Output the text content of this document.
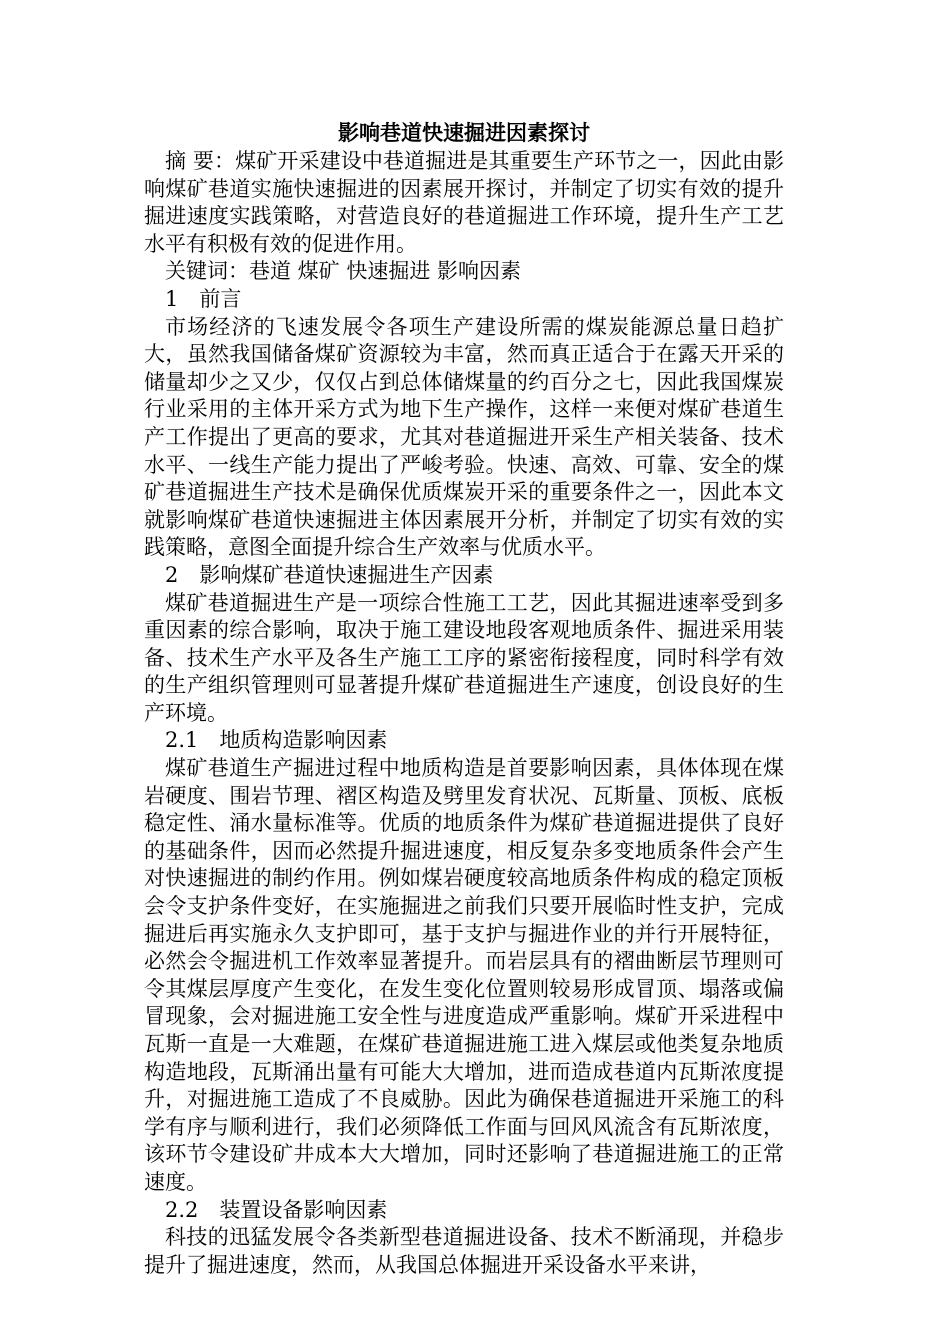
影响巷道快速掘进因素探讨

摘 要：煤矿开采建设中巷道掘进是其重要生产环节之一，因此由影响煤矿巷道实施快速掘进的因素展开探讨，并制定了切实有效的提升掘进速度实践策略，对营造良好的巷道掘进工作环境，提升生产工艺水平有积极有效的促进作用。

关键词：巷道 煤矿 快速掘进 影响因素

1　前言

市场经济的飞速发展令各项生产建设所需的煤炭能源总量日趋扩大，虽然我国储备煤矿资源较为丰富，然而真正适合于在露天开采的储量却少之又少，仅仅占到总体储煤量的约百分之七，因此我国煤炭行业采用的主体开采方式为地下生产操作，这样一来便对煤矿巷道生产工作提出了更高的要求，尤其对巷道掘进开采生产相关装备、技术水平、一线生产能力提出了严峻考验。快速、高效、可靠、安全的煤矿巷道掘进生产技术是确保优质煤炭开采的重要条件之一，因此本文就影响煤矿巷道快速掘进主体因素展开分析，并制定了切实有效的实践策略，意图全面提升综合生产效率与优质水平。

2　影响煤矿巷道快速掘进生产因素

煤矿巷道掘进生产是一项综合性施工工艺，因此其掘进速率受到多重因素的综合影响，取决于施工建设地段客观地质条件、掘进采用装备、技术生产水平及各生产施工工序的紧密衔接程度，同时科学有效的生产组织管理则可显著提升煤矿巷道掘进生产速度，创设良好的生产环境。

2.1　地质构造影响因素

煤矿巷道生产掘进过程中地质构造是首要影响因素，具体体现在煤岩硬度、围岩节理、褶区构造及劈里发育状况、瓦斯量、顶板、底板稳定性、涌水量标准等。优质的地质条件为煤矿巷道掘进提供了良好的基础条件，因而必然提升掘进速度，相反复杂多变地质条件会产生对快速掘进的制约作用。例如煤岩硬度较高地质条件构成的稳定顶板会令支护条件变好，在实施掘进之前我们只要开展临时性支护，完成掘进后再实施永久支护即可，基于支护与掘进作业的并行开展特征，必然会令掘进机工作效率显著提升。而岩层具有的褶曲断层节理则可令其煤层厚度产生变化，在发生变化位置则较易形成冒顶、塌落或偏冒现象，会对掘进施工安全性与进度造成严重影响。煤矿开采进程中瓦斯一直是一大难题，在煤矿巷道掘进施工进入煤层或他类复杂地质构造地段，瓦斯涌出量有可能大大增加，进而造成巷道内瓦斯浓度提升，对掘进施工造成了不良威胁。因此为确保巷道掘进开采施工的科学有序与顺利进行，我们必须降低工作面与回风风流含有瓦斯浓度，该环节令建设矿井成本大大增加，同时还影响了巷道掘进施工的正常速度。

2.2　装置设备影响因素

科技的迅猛发展令各类新型巷道掘进设备、技术不断涌现，并稳步提升了掘进速度，然而，从我国总体掘进开采设备水平来讲，
